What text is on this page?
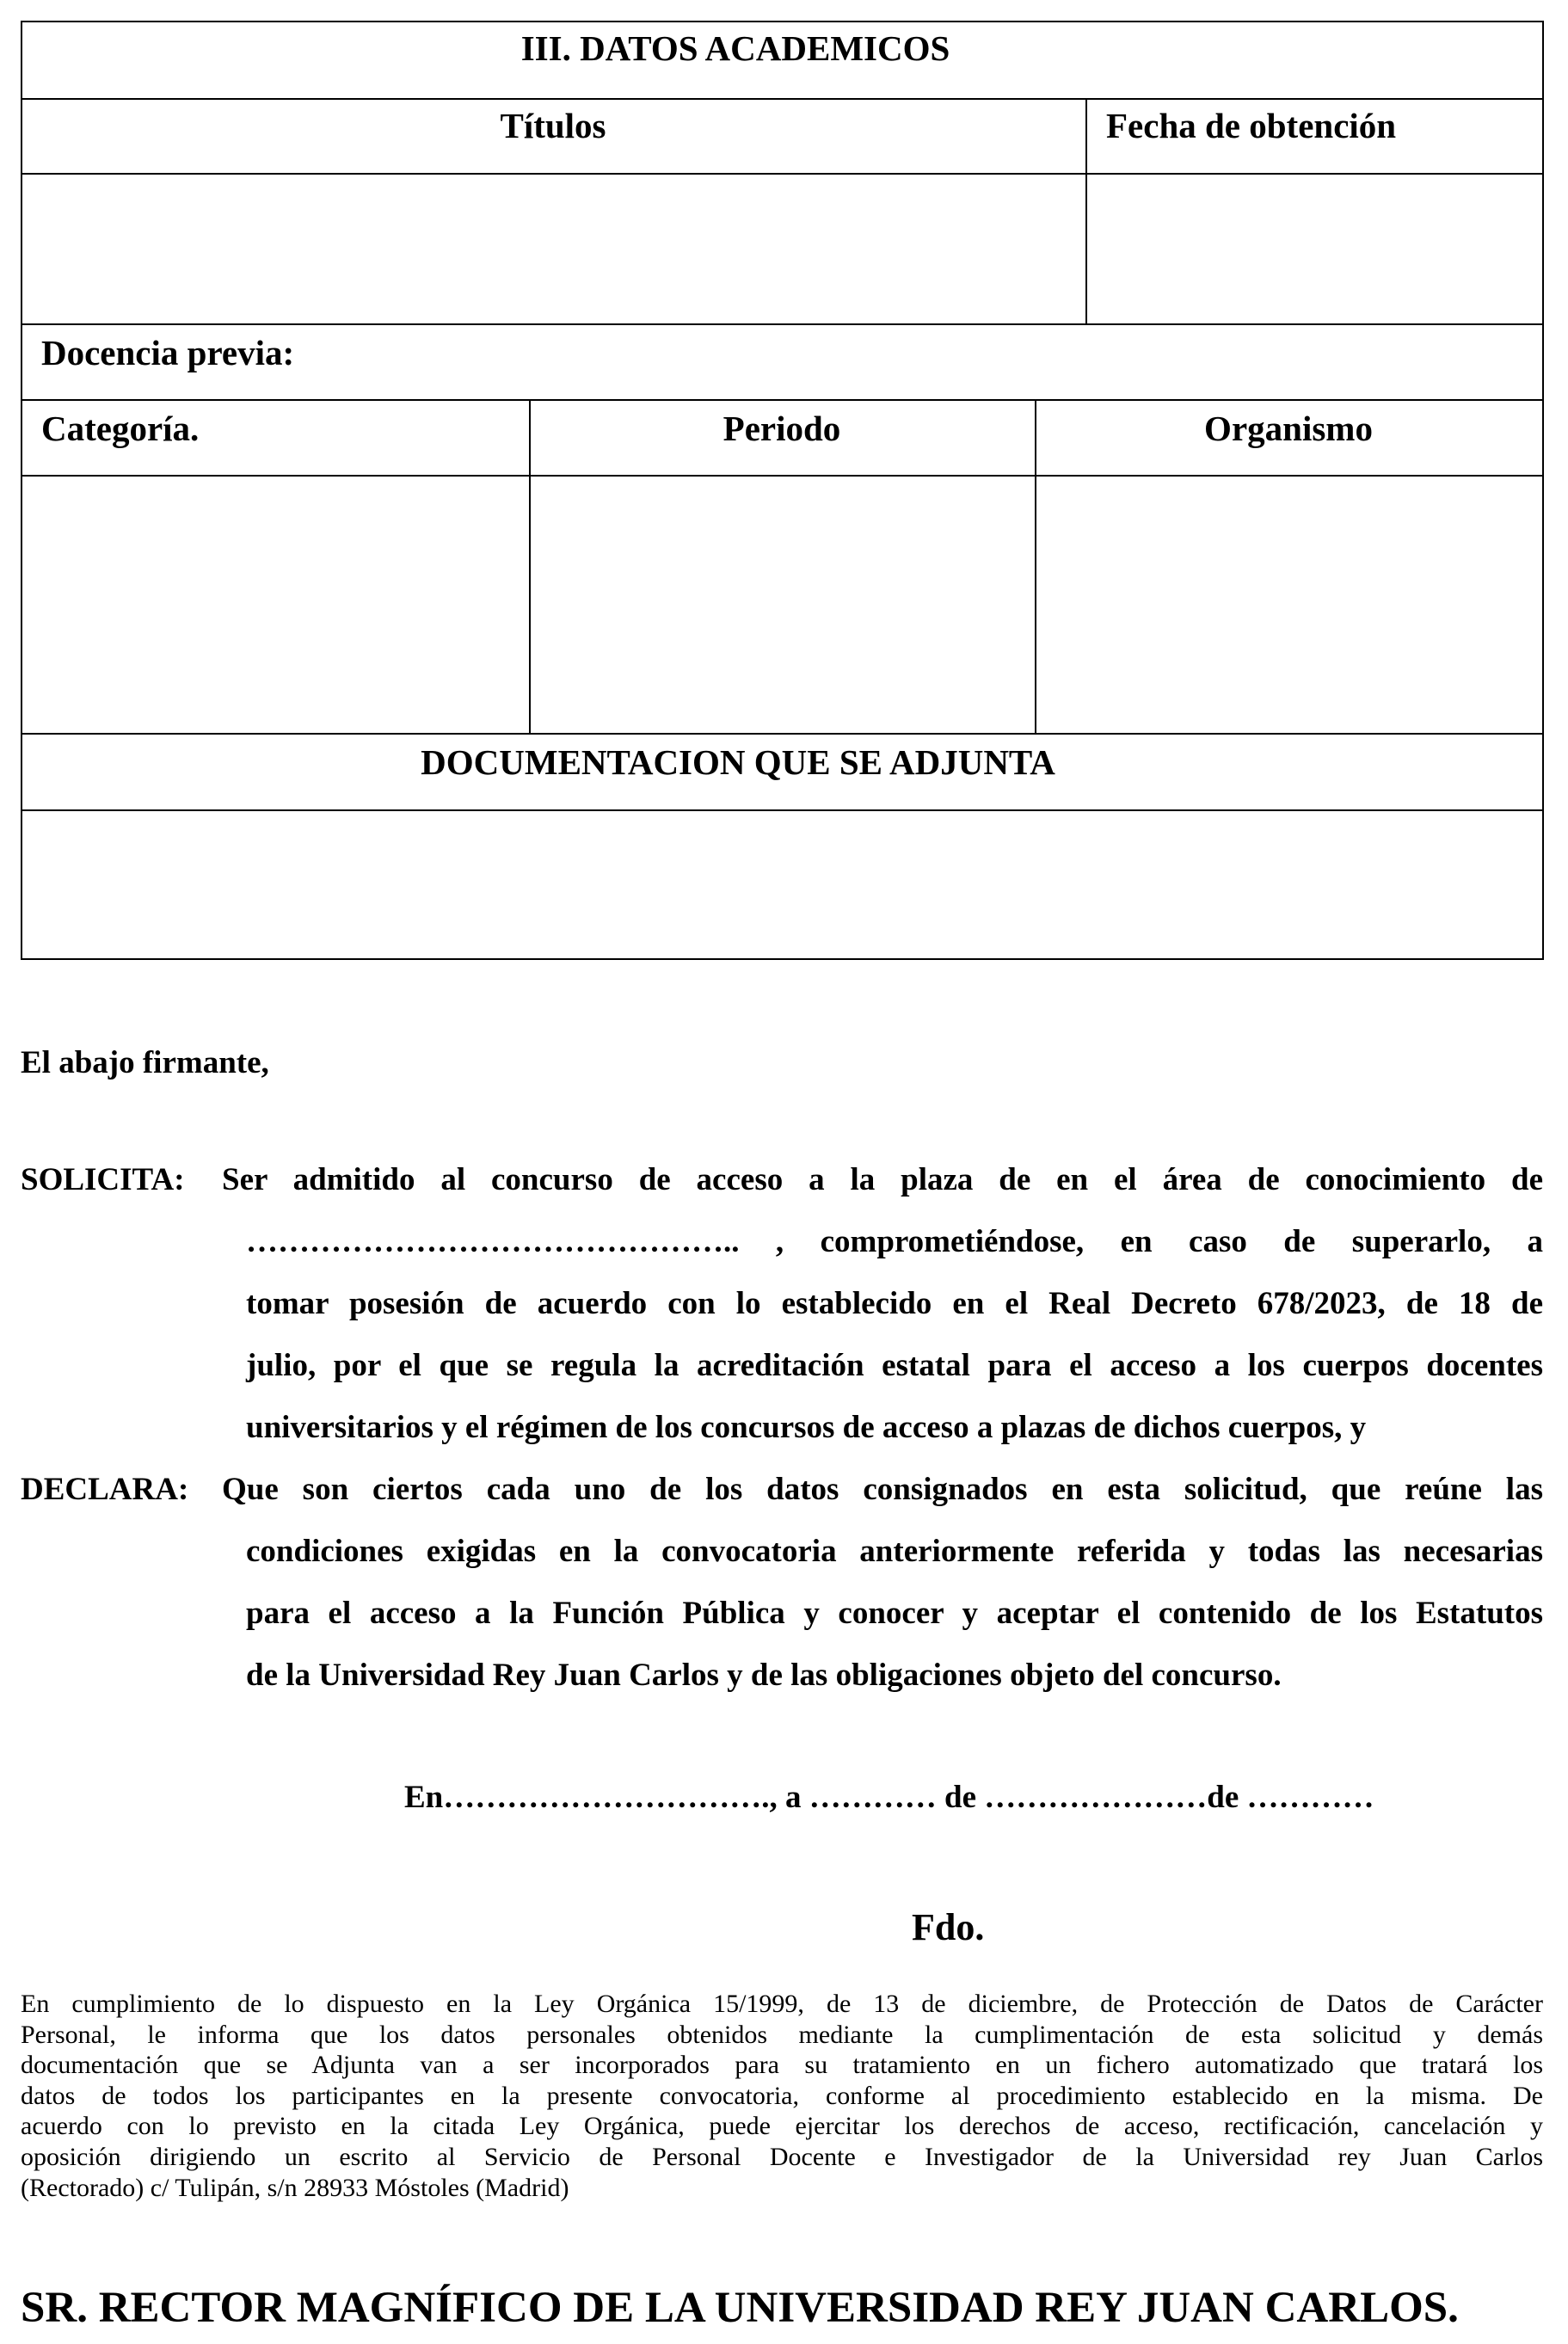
III. DATOS ACADEMICOS
Títulos	Fecha de obtención
Docencia previa:
Categoría.	Periodo	Organismo
DOCUMENTACION QUE SE ADJUNTA
El abajo firmante,
SOLICITA: Ser admitido al concurso de acceso a la plaza de en el área de conocimiento de
……………………………………….. , comprometiéndose, en caso de superarlo, a
tomar posesión de acuerdo con lo establecido en el Real Decreto 678/2023, de 18 de
julio, por el que se regula la acreditación estatal para el acceso a los cuerpos docentes
universitarios y el régimen de los concursos de acceso a plazas de dichos cuerpos, y
DECLARA: Que son ciertos cada uno de los datos consignados en esta solicitud, que reúne las
condiciones exigidas en la convocatoria anteriormente referida y todas las necesarias
para el acceso a la Función Pública y conocer y aceptar el contenido de los Estatutos
de la Universidad Rey Juan Carlos y de las obligaciones objeto del concurso.
En…………………………., a ………… de …………………de …………
Fdo.
En cumplimiento de lo dispuesto en la Ley Orgánica 15/1999, de 13 de diciembre, de Protección de Datos de Carácter
Personal, le informa que los datos personales obtenidos mediante la cumplimentación de esta solicitud y demás
documentación que se Adjunta van a ser incorporados para su tratamiento en un fichero automatizado que tratará los
datos de todos los participantes en la presente convocatoria, conforme al procedimiento establecido en la misma. De
acuerdo con lo previsto en la citada Ley Orgánica, puede ejercitar los derechos de acceso, rectificación, cancelación y
oposición dirigiendo un escrito al Servicio de Personal Docente e Investigador de la Universidad rey Juan Carlos
(Rectorado) c/ Tulipán, s/n 28933 Móstoles (Madrid)
SR. RECTOR MAGNÍFICO DE LA UNIVERSIDAD REY JUAN CARLOS.
